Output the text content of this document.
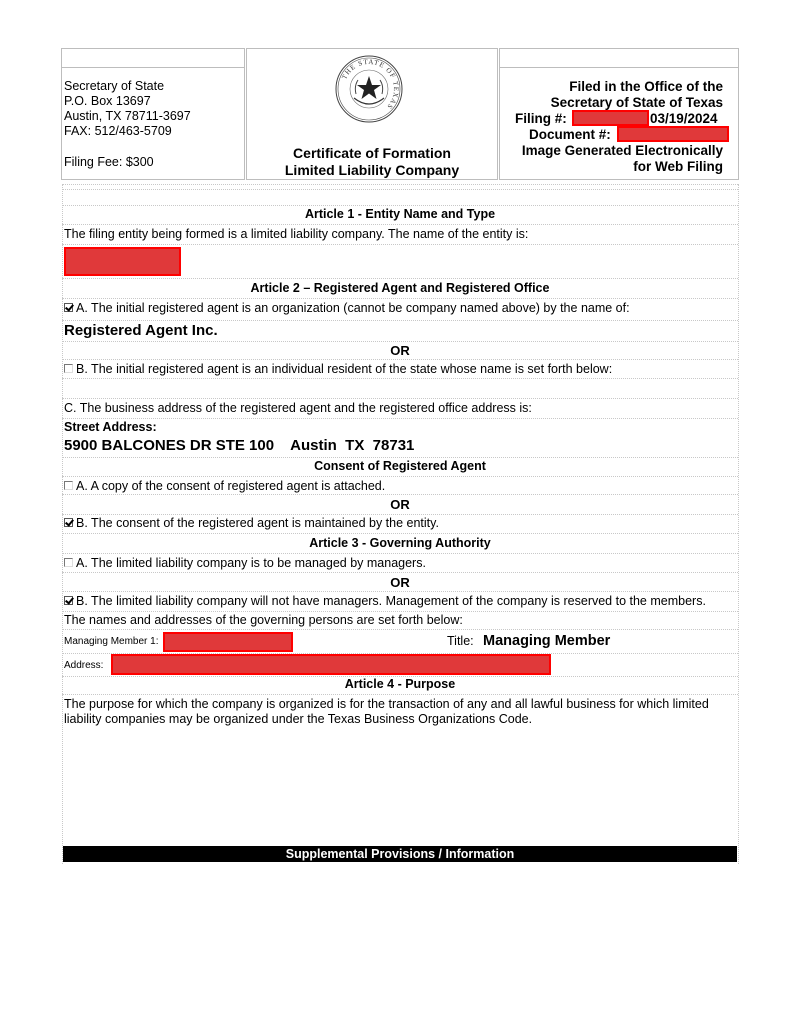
Secretary of State
P.O. Box 13697
Austin, TX 78711-3697
FAX: 512/463-5709
Filing Fee: $300
THE STATE OF TEXAS
Certificate of Formation
Limited Liability Company
Filed in the Office of the
Secretary of State of Texas
Filing #:	03/19/2024
Document #:
Image Generated Electronically
for Web Filing
Article 1 - Entity Name and Type
The filing entity being formed is a limited liability company. The name of the entity is:
Article 2 – Registered Agent and Registered Office
A. The initial registered agent is an organization (cannot be company named above) by the name of:
Registered Agent Inc.
OR
B. The initial registered agent is an individual resident of the state whose name is set forth below:
C. The business address of the registered agent and the registered office address is:
Street Address:
5900 BALCONES DR STE 100    Austin  TX  78731
Consent of Registered Agent
A. A copy of the consent of registered agent is attached.
OR
B. The consent of the registered agent is maintained by the entity.
Article 3 - Governing Authority
A. The limited liability company is to be managed by managers.
OR
B. The limited liability company will not have managers. Management of the company is reserved to the members.
The names and addresses of the governing persons are set forth below:
Managing Member 1:	Title: Managing Member
Address:
Article 4 - Purpose
The purpose for which the company is organized is for the transaction of any and all lawful business for which limited liability companies may be organized under the Texas Business Organizations Code.
Supplemental Provisions / Information
